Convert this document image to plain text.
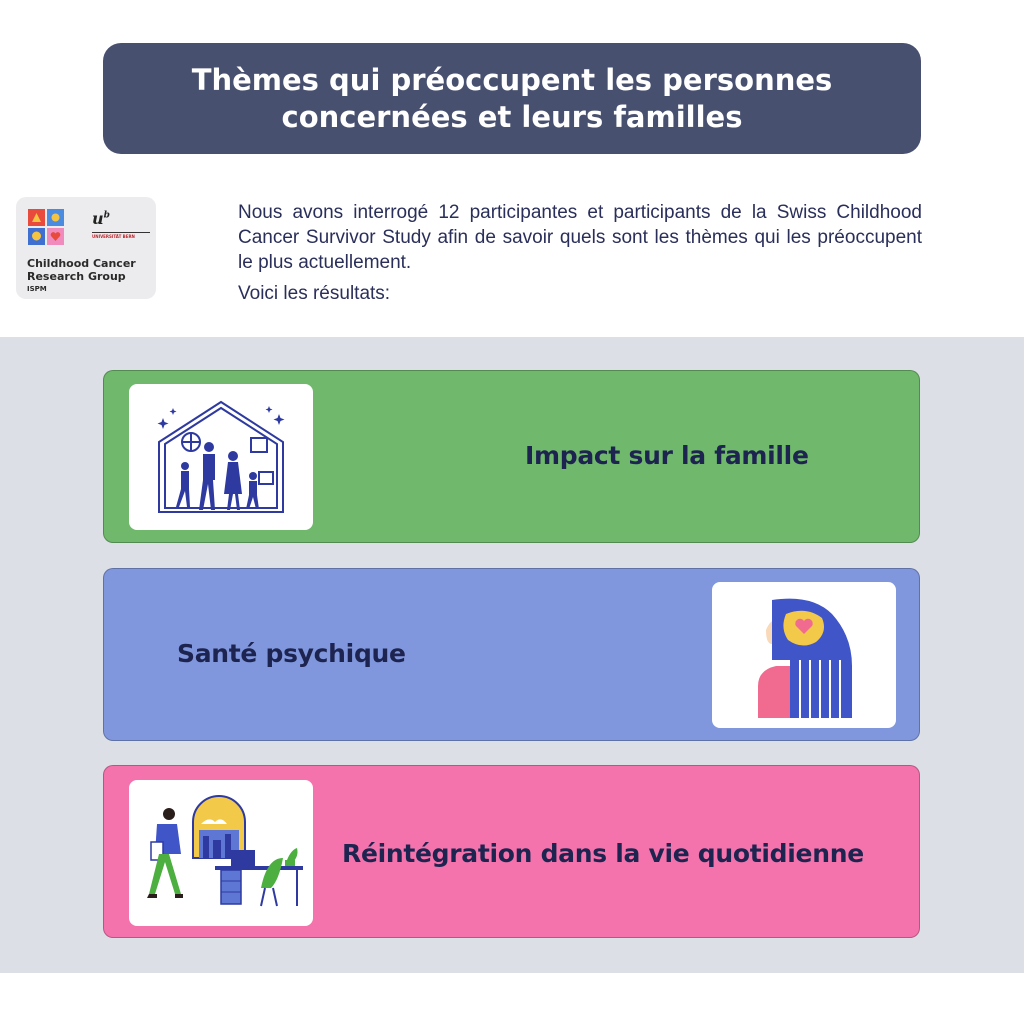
Thèmes qui préoccupent les personnes
concernées et leurs familles
$u^b$
UNIVERSITÄT BERN
Childhood Cancer Research Group
ISPM
Nous avons interrogé 12 participantes et participants de la Swiss Childhood Cancer Survivor Study afin de savoir quels sont les thèmes qui les préoccupent le plus actuellement.
Voici les résultats:
Impact sur la famille
Santé psychique
Réintégration dans la vie quotidienne
